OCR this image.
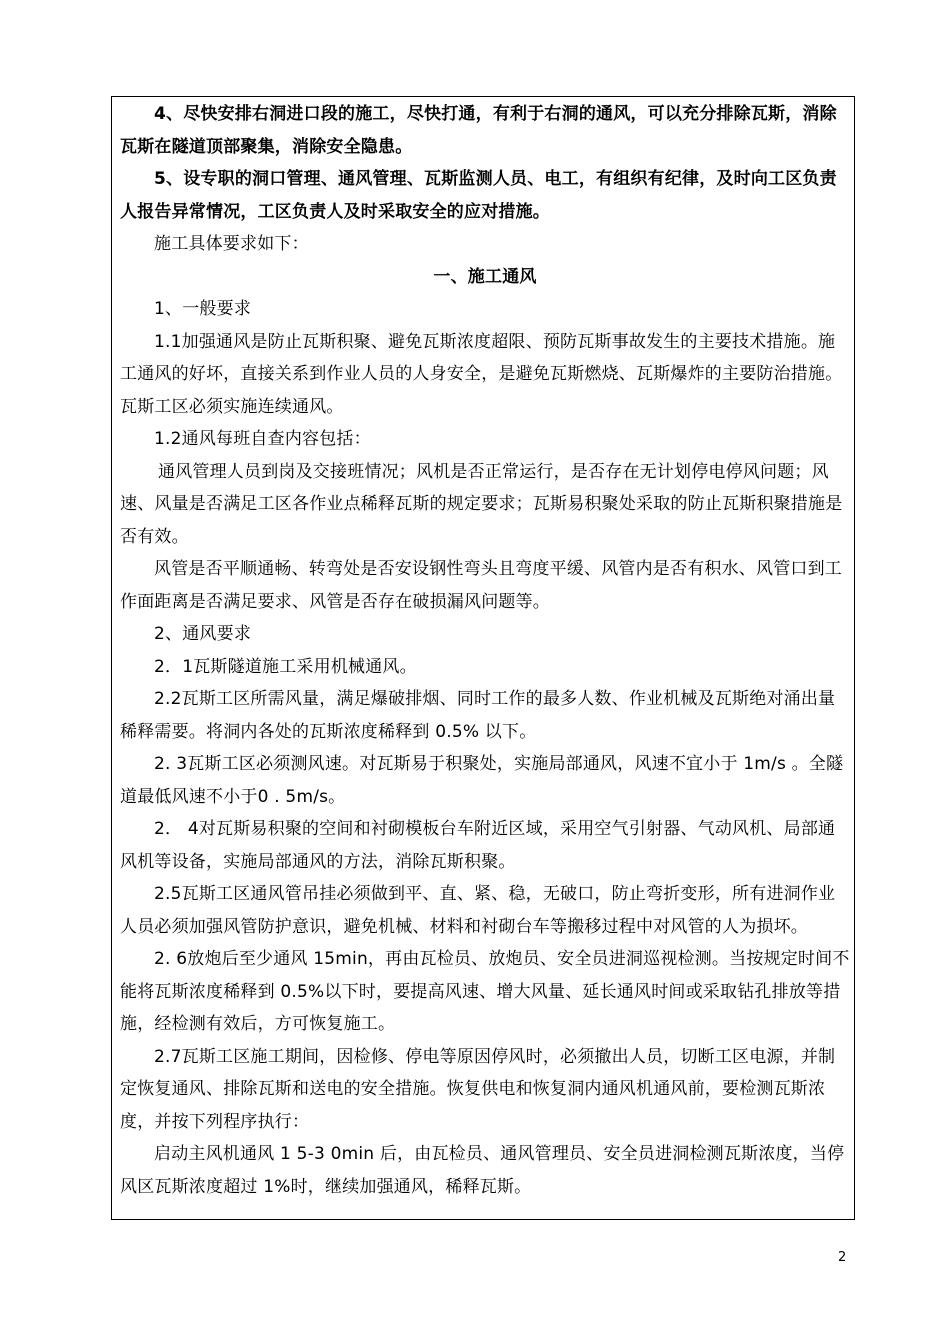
4、尽快安排右洞进口段的施工，尽快打通，有利于右洞的通风，可以充分排除瓦斯，消除瓦斯在隧道顶部聚集，消除安全隐患。

5、设专职的洞口管理、通风管理、瓦斯监测人员、电工，有组织有纪律，及时向工区负责人报告异常情况，工区负责人及时采取安全的应对措施。

施工具体要求如下：

一、施工通风

1、一般要求

1.1加强通风是防止瓦斯积聚、避免瓦斯浓度超限、预防瓦斯事故发生的主要技术措施。施工通风的好坏，直接关系到作业人员的人身安全，是避免瓦斯燃烧、瓦斯爆炸的主要防治措施。瓦斯工区必须实施连续通风。

1.2通风每班自查内容包括：

通风管理人员到岗及交接班情况；风机是否正常运行，是否存在无计划停电停风问题；风速、风量是否满足工区各作业点稀释瓦斯的规定要求；瓦斯易积聚处采取的防止瓦斯积聚措施是否有效。

风管是否平顺通畅、转弯处是否安设钢性弯头且弯度平缓、风管内是否有积水、风管口到工作面距离是否满足要求、风管是否存在破损漏风问题等。

2、通风要求

2．1瓦斯隧道施工采用机械通风。

2.2瓦斯工区所需风量，满足爆破排烟、同时工作的最多人数、作业机械及瓦斯绝对涌出量稀释需要。将洞内各处的瓦斯浓度稀释到 0.5% 以下。

2. 3瓦斯工区必须测风速。对瓦斯易于积聚处，实施局部通风，风速不宜小于 1m/s 。全隧道最低风速不小于0 . 5m/s。

2． 4对瓦斯易积聚的空间和衬砌模板台车附近区域，采用空气引射器、气动风机、局部通风机等设备，实施局部通风的方法，消除瓦斯积聚。

2.5瓦斯工区通风管吊挂必须做到平、直、紧、稳，无破口，防止弯折变形，所有进洞作业人员必须加强风管防护意识，避免机械、材料和衬砌台车等搬移过程中对风管的人为损坏。

2. 6放炮后至少通风 15min，再由瓦检员、放炮员、安全员进洞巡视检测。当按规定时间不能将瓦斯浓度稀释到 0.5%以下时，要提高风速、增大风量、延长通风时间或采取钻孔排放等措施，经检测有效后，方可恢复施工。

2.7瓦斯工区施工期间，因检修、停电等原因停风时，必须撤出人员，切断工区电源，并制定恢复通风、排除瓦斯和送电的安全措施。恢复供电和恢复洞内通风机通风前，要检测瓦斯浓度，并按下列程序执行：

启动主风机通风 1 5-3 0min 后，由瓦检员、通风管理员、安全员进洞检测瓦斯浓度，当停风区瓦斯浓度超过 1%时，继续加强通风，稀释瓦斯。

2
